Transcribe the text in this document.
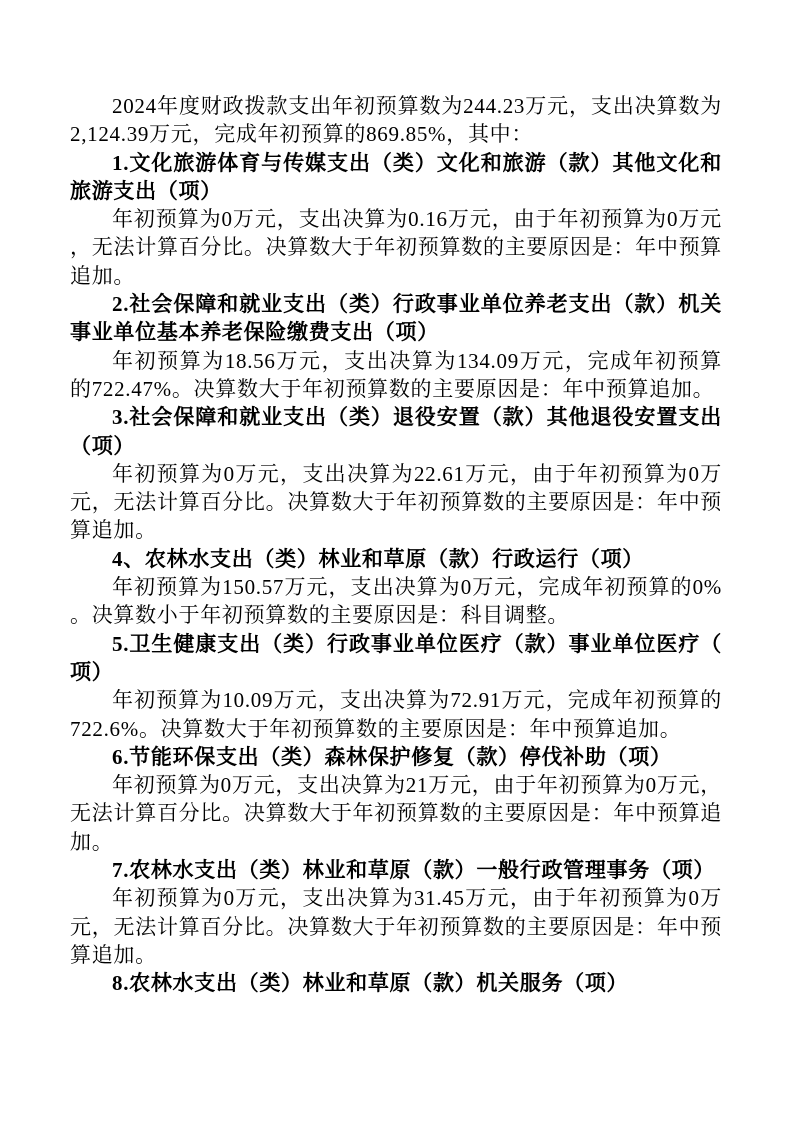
2024年度财政拨款支出年初预算数为244.23万元，支出决算数为2,124.39万元，完成年初预算的869.85%，其中：

1.文化旅游体育与传媒支出（类）文化和旅游（款）其他文化和旅游支出（项）

年初预算为0万元，支出决算为0.16万元，由于年初预算为0万元，无法计算百分比。决算数大于年初预算数的主要原因是：年中预算追加。

2.社会保障和就业支出（类）行政事业单位养老支出（款）机关事业单位基本养老保险缴费支出（项）

年初预算为18.56万元，支出决算为134.09万元，完成年初预算的722.47%。决算数大于年初预算数的主要原因是：年中预算追加。

3.社会保障和就业支出（类）退役安置（款）其他退役安置支出（项）

年初预算为0万元，支出决算为22.61万元，由于年初预算为0万元，无法计算百分比。决算数大于年初预算数的主要原因是：年中预算追加。

4、农林水支出（类）林业和草原（款）行政运行（项）

年初预算为150.57万元，支出决算为0万元，完成年初预算的0%。决算数小于年初预算数的主要原因是：科目调整。

5.卫生健康支出（类）行政事业单位医疗（款）事业单位医疗（项）

年初预算为10.09万元，支出决算为72.91万元，完成年初预算的722.6%。决算数大于年初预算数的主要原因是：年中预算追加。

6.节能环保支出（类）森林保护修复（款）停伐补助（项）

年初预算为0万元，支出决算为21万元，由于年初预算为0万元，无法计算百分比。决算数大于年初预算数的主要原因是：年中预算追加。

7.农林水支出（类）林业和草原（款）一般行政管理事务（项）

年初预算为0万元，支出决算为31.45万元，由于年初预算为0万元，无法计算百分比。决算数大于年初预算数的主要原因是：年中预算追加。

8.农林水支出（类）林业和草原（款）机关服务（项）
